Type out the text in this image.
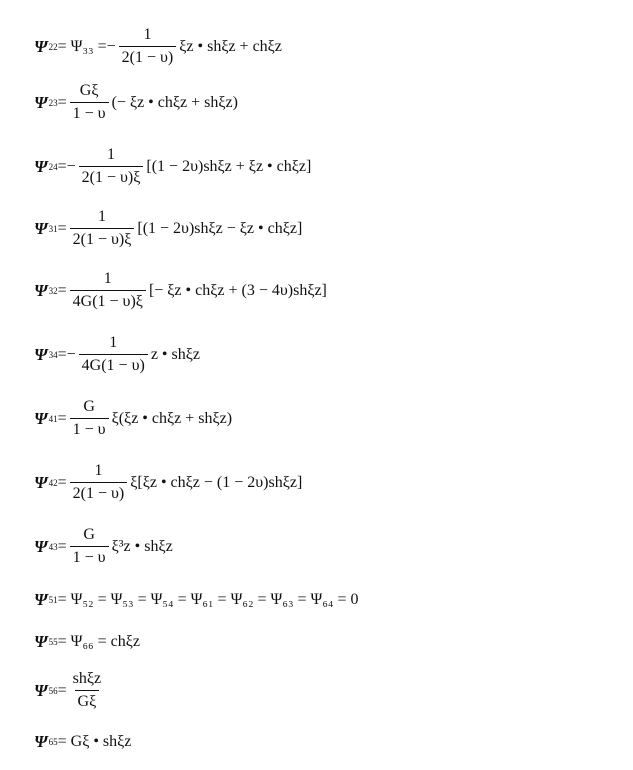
Ψ $22 = \Psi_{33} =- \frac{1}{2(1 - \upsilon)}$ ξz • shξz + chξz
Ψ $23 = \frac{G\xi}{1 - \upsilon}$ (− ξz • chξz + shξz)
Ψ $24 =- \frac{1}{2(1 - \upsilon)\xi} [(1 - 2\upsilon)sh\xi z + \xi z$ • chξz]
Ψ $31 = \frac{1}{2(1 - \upsilon)\xi} [(1 - 2\upsilon)sh\xi z - \xi z$ • chξz]
Ψ $32 = \frac{1}{4G(1 - \upsilon)\xi}$ [− ξz • chξz + (3 − 4υ)shξz]
Ψ $34 =- \frac{1}{4G(1 - \upsilon)}$ z • shξz
Ψ $41 = \frac{G}{1 - \upsilon} \xi(\xi z$ • chξz + shξz)
Ψ $42 = \frac{1}{2(1 - \upsilon)} \xi[\xi z$ • chξz − (1 − 2υ)shξz]
Ψ $43 = \frac{G}{1 - \upsilon} \xi^3z$ • shξz
Ψ 51 = Ψ₅₂ = Ψ₅₃ = Ψ₅₄ = Ψ₆₁ = Ψ₆₂ = Ψ₆₃ = Ψ₆₄ = 0
Ψ 55 = Ψ₆₆ = chξz
Ψ $56 = \frac{\text{shξz}}{G\xi}$
Ψ 65 = Gξ • shξz
